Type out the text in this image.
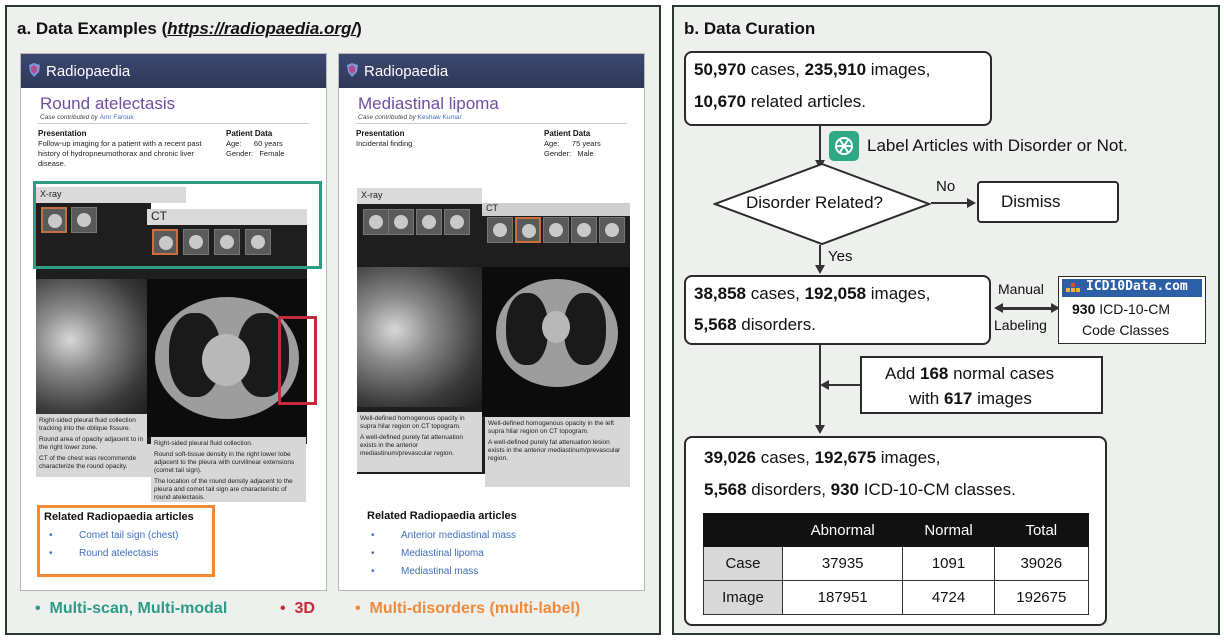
a. Data Examples (https://radiopaedia.org/)
Radiopaedia
Round atelectasis
Case contributed by Amr Farouk
Presentation
Follow-up imaging for a patient with a recent past history of hydropneumothorax and chronic liver disease.
Patient Data
Age:      60 years
Gender:   Female
X-ray

Right-sided pleural fluid collection tracking into the oblique fissure.

Round area of opacity adjacent to in the right lower zone.

CT of the chest was recommende characterize the round opacity.

CT

Right-sided pleural fluid collection.

Round soft-tissue density in the right lower lobe adjacent to the pleura with curvilinear extensions (comet tail sign).

The location of the round density adjacent to the pleura and comet tail sign are characteristic of round atelectasis.

Related Radiopaedia articles
• Comet tail sign (chest)
• Round atelectasis
Radiopaedia
Mediastinal lipoma
Case contributed by Keshaw Kumar
Presentation
Incidental finding
Patient Data
Age:      75 years
Gender:   Male
X-ray

Well-defined homogenous opacity in supra hilar region on CT topogram.

A well-defined purely fat attenuation exists in the anterior mediastinum/prevascular region.

CT

Well-defined homogenous opacity in the left supra hilar region on CT topogram.

A well-defined purely fat attenuation lesion exists in the anterior mediastinum/prevascular region.

Related Radiopaedia articles
• Anterior mediastinal mass
• Mediastinal lipoma
• Mediastinal mass
•  Multi-scan, Multi-modal	•  3D	•  Multi-disorders (multi-label)
b. Data Curation
50,970 cases, 235,910 images,
10,670 related articles.
Label Articles with Disorder or Not.
Disorder Related?
No
Dismiss
Yes
38,858 cases, 192,058 images,
5,568 disorders.
Manual
Labeling
ICD10Data.com
930 ICD-10-CM
Code Classes
Add 168 normal cases
with 617 images
39,026 cases, 192,675 images,
5,568 disorders, 930 ICD-10-CM classes.
	Abnormal	Normal	Total
Case	37935	1091	39026
Image	187951	4724	192675
